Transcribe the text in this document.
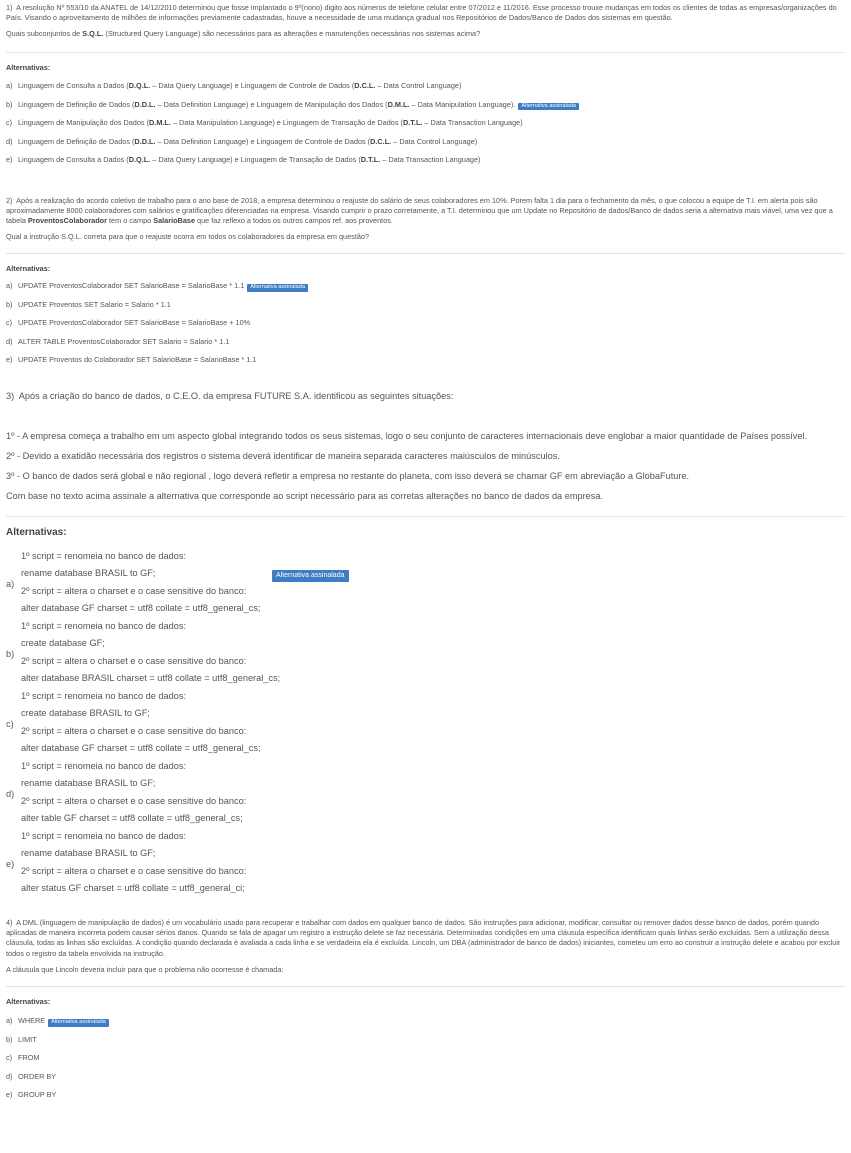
1) A resolução Nº 553/10 da ANATEL de 14/12/2010 determinou que fosse implantado o 9º(nono) digito aos números de telefone celular entre 07/2012 e 11/2016. Esse processo trouxe mudanças em todos os clientes de todas as empresas/organizações do País. Visando o aproveitamento de milhões de informações previamente cadastradas, houve a necessidade de uma mudança gradual nos Repositórios de Dados/Banco de Dados dos sistemas em questão.

Quais subconjuntos de S.Q.L. (Structured Query Language) são necessários para as alterações e manutenções necessárias nos sistemas acima?

Alternativas:

a) Linguagem de Consulta a Dados (D.Q.L. – Data Query Language) e Linguagem de Controle de Dados (D.C.L. – Data Control Language)
b) Linguagem de Definição de Dados (D.D.L. – Data Definition Language) e Linguagem de Manipulação dos Dados (D.M.L. – Data Manipulation Language).	Alternativa assinalada
c) Linguagem de Manipulação dos Dados (D.M.L. – Data Manipulation Language) e Linguagem de Transação de Dados (D.T.L. – Data Transaction Language)
d) Linguagem de Definição de Dados (D.D.L. – Data Definition Language) e Linguagem de Controle de Dados (D.C.L. – Data Control Language)
e) Linguagem de Consulta a Dados (D.Q.L. – Data Query Language) e Linguagem de Transação de Dados (D.T.L. – Data Transaction Language)

2) Após a realização do acordo coletivo de trabalho para o ano base de 2018, a empresa determinou o reajuste do salário de seus colaboradores em 10%. Porem falta 1 dia para o fechamento da mês, o que colocou a equipe de T.I. em alerta pois são aproximadamente 8000 colaboradores com salários e gratificações diferenciadas na empresa. Visando cumprir o prazo corretamente, a T.I. determinou que um Update no Repositório de dados/Banco de dados seria a alternativa mais viável, uma vez que a tabela ProventosColaborador tem o campo SalarioBase que faz reflexo a todos os outros campos ref. aos proventos.

Qual a instrução S.Q.L. correta para que o reajuste ocorra em todos os colaboradores da empresa em questão?

Alternativas:

a) UPDATE ProventosColaborador SET SalarioBase = SalarioBase * 1.1	Alternativa assinalada
b) UPDATE Proventos SET Salario = Salario * 1.1
c) UPDATE ProventosColaborador SET SalarioBase = SalarioBase + 10%
d) ALTER TABLE ProventosColaborador SET Salario = Salario * 1.1
e) UPDATE Proventos do Colaborador SET SalarioBase = SalarioBase * 1.1

3) Após a criação do banco de dados, o C.E.O. da empresa FUTURE S.A. identificou as seguintes situações:

1º - A empresa começa a trabalho em um aspecto global integrando todos os seus sistemas, logo o seu conjunto de caracteres internacionais deve englobar a maior quantidade de Países possível.

2º - Devido a exatidão necessária dos registros o sistema deverá identificar de maneira separada caracteres maiúsculos de minúsculos.

3º - O banco de dados será global e não regional , logo deverá refletir a empresa no restante do planeta, com isso deverá se chamar GF em abreviação a GlobaFuture.

Com base no texto acima assinale a alternativa que corresponde ao script necessário para as corretas alterações no banco de dados da empresa.

Alternativas:

a)
1º script = renomeia no banco de dados:
rename database BRASIL to GF;
2º script = altera o charset e o case sensitive do banco:
alter database GF charset = utf8 collate = utf8_general_cs;
Alternativa assinalada
b)
1º script = renomeia no banco de dados:
create database GF;
2º script = altera o charset e o case sensitive do banco:
alter database BRASIL charset = utf8 collate = utf8_general_cs;
c)
1º script = renomeia no banco de dados:
create database BRASIL to GF;
2º script = altera o charset e o case sensitive do banco:
alter database GF charset = utf8 collate = utf8_general_cs;
d)
1º script = renomeia no banco de dados:
rename database BRASIL to GF;
2º script = altera o charset e o case sensitive do banco:
alter table GF charset = utf8 collate = utf8_general_cs;
e)
1º script = renomeia no banco de dados:
rename database BRASIL to GF;
2º script = altera o charset e o case sensitive do banco:
alter status GF charset = utf8 collate = utf8_general_ci;

4) A DML (linguagem de manipulação de dados) é um vocabulário usado para recuperar e trabalhar com dados em qualquer banco de dados. São instruções para adicionar, modificar, consultar ou remover dados desse banco de dados, porém quando aplicadas de maneira incorreta podem causar sérios danos. Quando se fala de apagar um registro a instrução delete se faz necessária. Determinadas condições em uma cláusula específica identificam quais linhas serão excluídas. Sem a utilização dessa cláusula, todas as linhas são excluídas. A condição quando declarada é avaliada a cada linha e se verdadeira ela é excluída. Lincoln, um DBA (administrador de banco de dados) iniciantes, cometeu um erro ao construir a instrução delete e acabou por excluir todos o registro da tabela envolvida na instrução.

A cláusula que Lincoln deveria incluir para que o problema não ocorresse é chamada:

Alternativas:

a) WHERE	Alternativa assinalada
b) LIMIT
c) FROM
d) ORDER BY
e) GROUP BY
